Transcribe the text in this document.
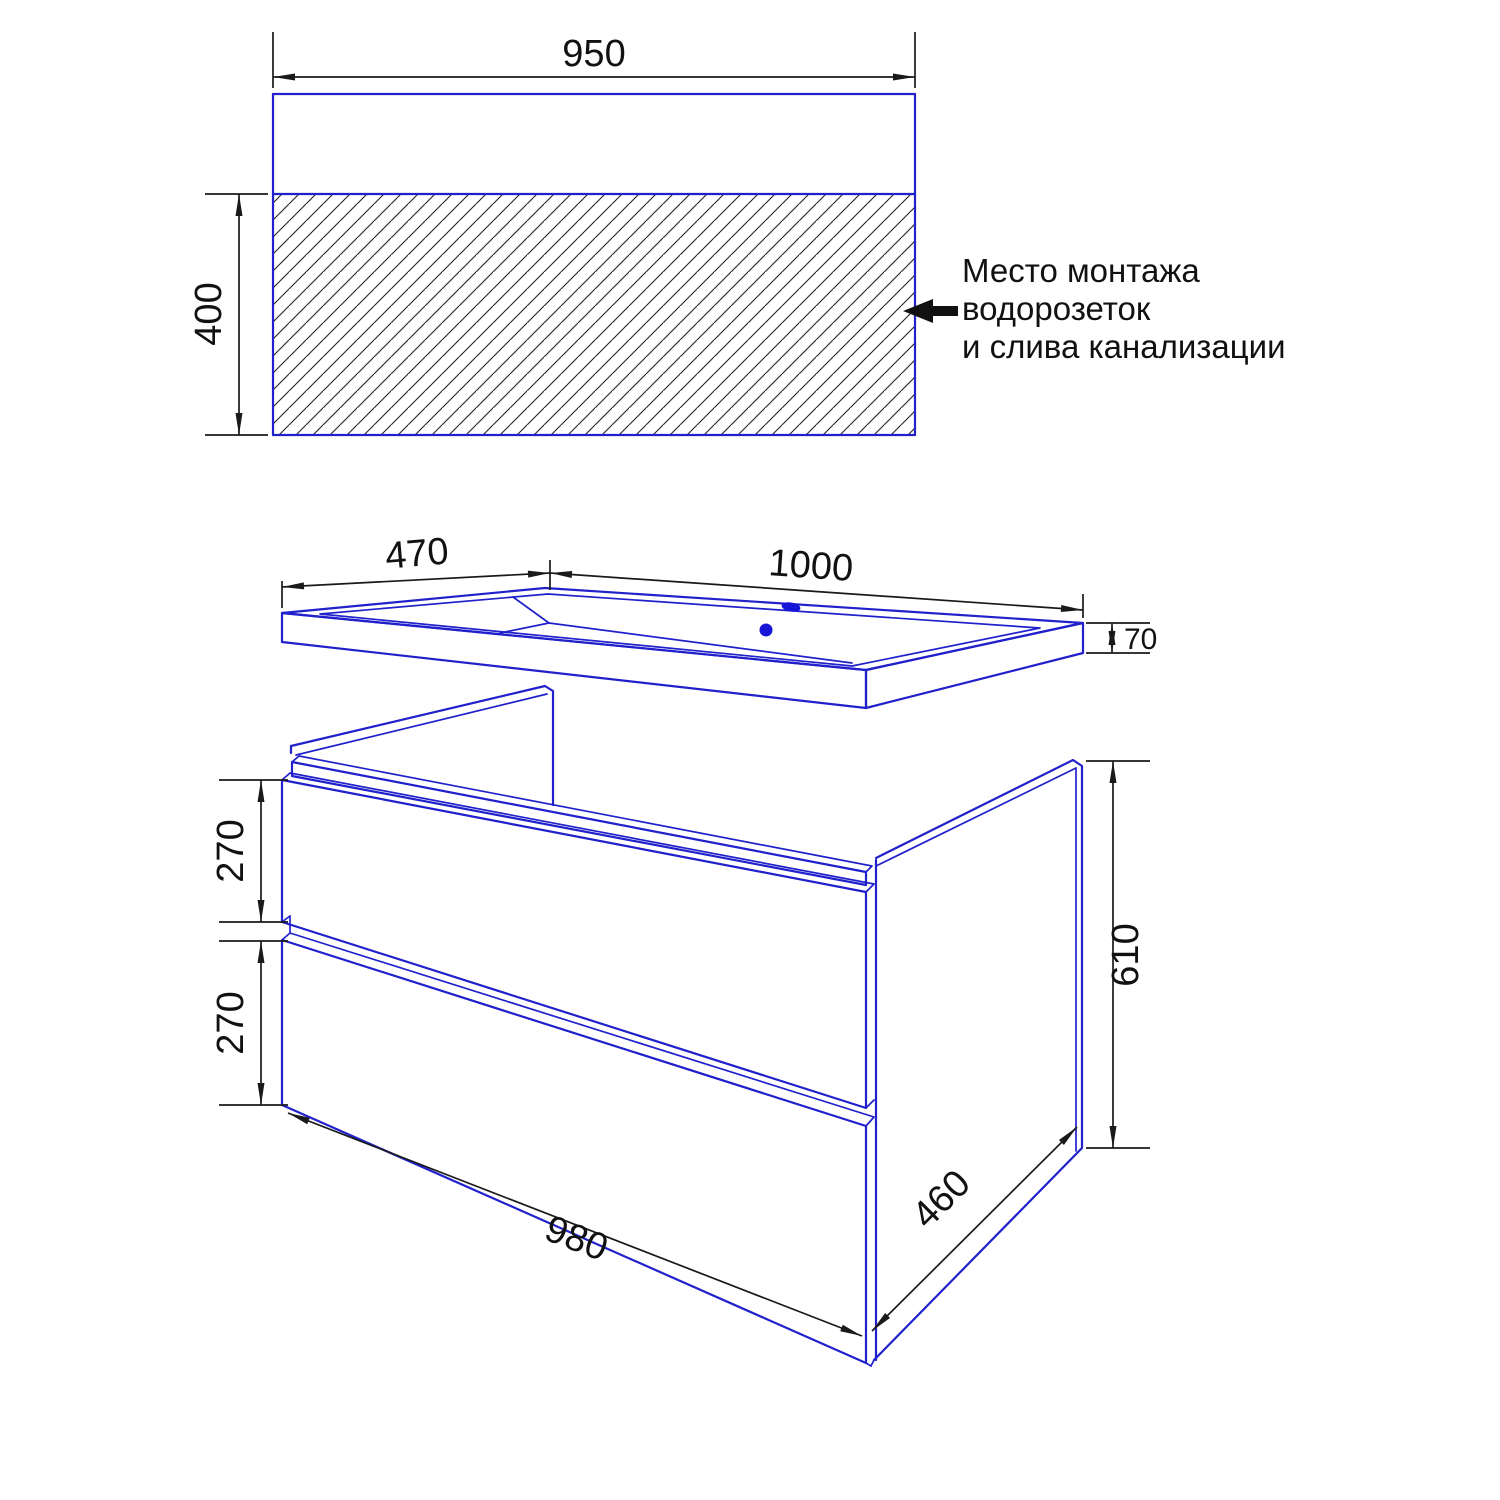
950
400
Место монтажа
водорозеток
и слива канализации
470	1000
70
270
270
610
980
460
